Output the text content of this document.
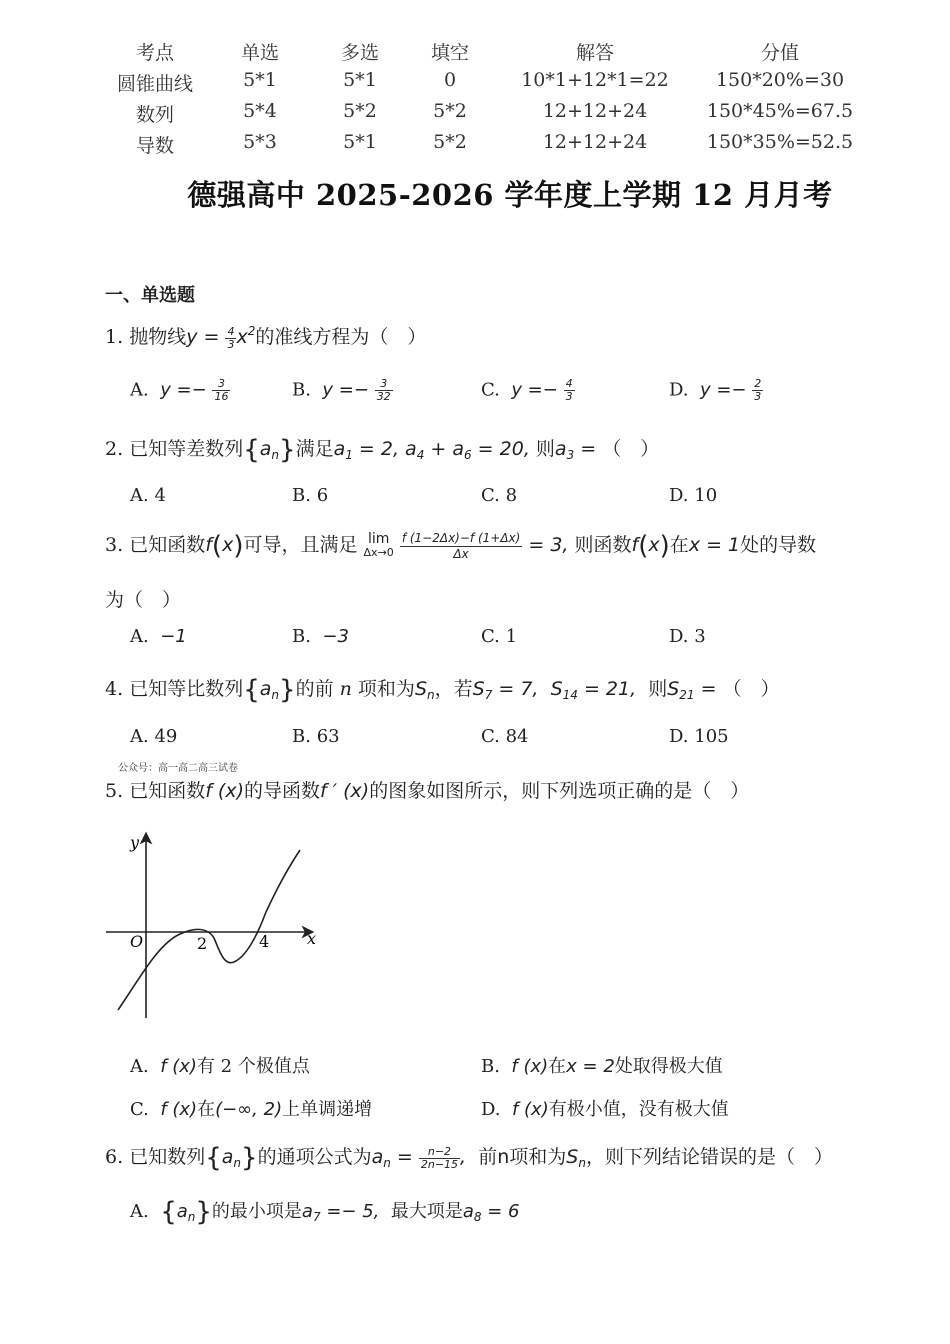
考点	单选	多选	填空	解答	分值
圆锥曲线	5*1	5*1	0	10*1+12*1=22	150*20%=30
数列	5*4	5*2	5*2	12+12+24	150*45%=67.5
导数	5*3	5*1	5*2	12+12+24	150*35%=52.5
德强高中 2025-2026 学年度上学期 12 月月考
一、单选题
1. 抛物线$y = \frac{4}{3} x^2$的准线方程为（　）
A. $y =- \frac{3}{16}$	B. $y =- \frac{3}{32}$	C. $y =- \frac{4}{3}$	D. $y =- \frac{2}{3}$
2. 已知等差数列$\{a_n\}$满足$a_1 = 2$, $a_4 + a_6 = 20$, 则$a_3$ = （　）
A. 4	B. 6	C. 8	D. 10
3. 已知函数f(x)可导，且满足 lim
Δx→0
$\frac{f (1-2\Delta x)-f (1+\Delta x)}{\Delta x} = 3$, 则函数f(x)在x = 1处的导数
为（　）
A. −1	B. −3	C. 1	D. 3
4. 已知等比数列$\{a_n\}$的前 n 项和为$S_n$，若$S_7 = 7$, $S_{14} = 21$, 则$S_{21}$ = （　）
A. 49	B. 63	C. 84	D. 105
公众号：高一高二高三试卷
5. 已知函数f (x)的导函数f ′ (x)的图象如图所示，则下列选项正确的是（　）
y
x
O	2	4
A. f (x)有 2 个极值点	B. f (x)在x = 2处取得极大值
C. f (x)在(−∞, 2)上单调递增	D. f (x)有极小值，没有极大值
6. 已知数列$\{a_n\}$的通项公式为$a_n = \frac{n-2}{2n-15}$ , 前n项和为$S_n$，则下列结论错误的是（　）
A. $\{a_n\}$的最小项是$a_7 =- 5$, 最大项是$a_8 = 6$
